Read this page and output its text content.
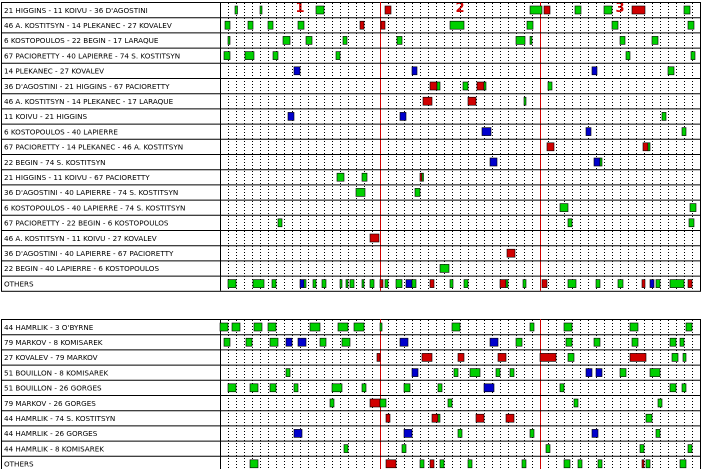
1	2	3
21 HIGGINS - 11 KOIVU - 36 D'AGOSTINI
46 A. KOSTITSYN - 14 PLEKANEC - 27 KOVALEV
6 KOSTOPOULOS - 22 BEGIN - 17 LARAQUE
67 PACIORETTY - 40 LAPIERRE - 74 S. KOSTITSYN
14 PLEKANEC - 27 KOVALEV
36 D'AGOSTINI - 21 HIGGINS - 67 PACIORETTY
46 A. KOSTITSYN - 14 PLEKANEC - 17 LARAQUE
11 KOIVU - 21 HIGGINS
6 KOSTOPOULOS - 40 LAPIERRE
67 PACIORETTY - 14 PLEKANEC - 46 A. KOSTITSYN
22 BEGIN - 74 S. KOSTITSYN
21 HIGGINS - 11 KOIVU - 67 PACIORETTY
36 D'AGOSTINI - 40 LAPIERRE - 74 S. KOSTITSYN
6 KOSTOPOULOS - 40 LAPIERRE - 74 S. KOSTITSYN
67 PACIORETTY - 22 BEGIN - 6 KOSTOPOULOS
46 A. KOSTITSYN - 11 KOIVU - 27 KOVALEV
36 D'AGOSTINI - 40 LAPIERRE - 67 PACIORETTY
22 BEGIN - 40 LAPIERRE - 6 KOSTOPOULOS
OTHERS
44 HAMRLIK - 3 O'BYRNE
79 MARKOV - 8 KOMISAREK
27 KOVALEV - 79 MARKOV
51 BOUILLON - 8 KOMISAREK
51 BOUILLON - 26 GORGES
79 MARKOV - 26 GORGES
44 HAMRLIK - 74 S. KOSTITSYN
44 HAMRLIK - 26 GORGES
44 HAMRLIK - 8 KOMISAREK
OTHERS
